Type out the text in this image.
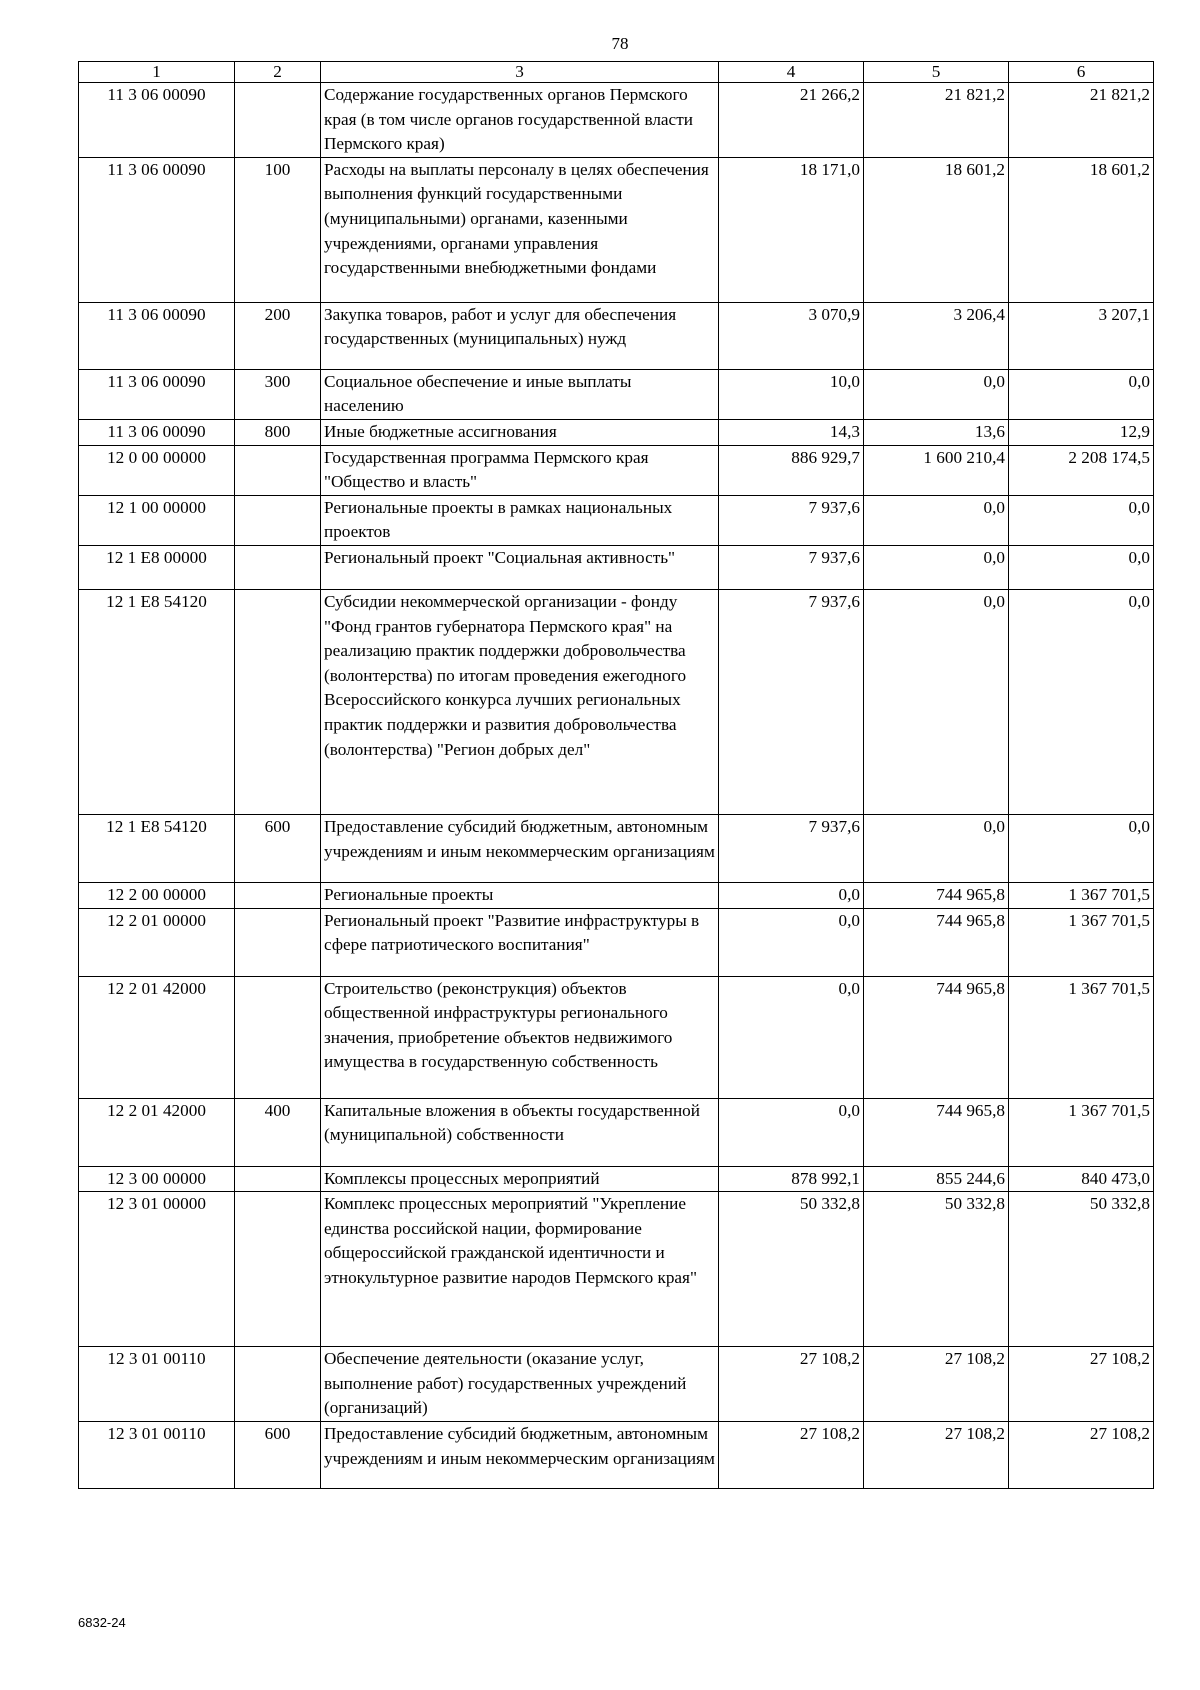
78
1	2	3	4	5	6
11 3 06 00090		Содержание государственных органов Пермского края (в том числе органов государственной власти Пермского края)	21 266,2	21 821,2	21 821,2
11 3 06 00090	100	Расходы на выплаты персоналу в целях обеспечения выполнения функций государственными (муниципальными) органами, казенными учреждениями, органами управления государственными внебюджетными фондами	18 171,0	18 601,2	18 601,2
11 3 06 00090	200	Закупка товаров, работ и услуг для обеспечения государственных (муниципальных) нужд	3 070,9	3 206,4	3 207,1
11 3 06 00090	300	Социальное обеспечение и иные выплаты населению	10,0	0,0	0,0
11 3 06 00090	800	Иные бюджетные ассигнования	14,3	13,6	12,9
12 0 00 00000		Государственная программа Пермского края "Общество и власть"	886 929,7	1 600 210,4	2 208 174,5
12 1 00 00000		Региональные проекты в рамках национальных проектов	7 937,6	0,0	0,0
12 1 E8 00000		Региональный проект "Социальная активность"	7 937,6	0,0	0,0
12 1 E8 54120		Субсидии некоммерческой организации - фонду "Фонд грантов губернатора Пермского края" на реализацию практик поддержки добровольчества (волонтерства) по итогам проведения ежегодного Всероссийского конкурса лучших региональных практик поддержки и развития добровольчества (волонтерства) "Регион добрых дел"	7 937,6	0,0	0,0
12 1 E8 54120	600	Предоставление субсидий бюджетным, автономным учреждениям и иным некоммерческим организациям	7 937,6	0,0	0,0
12 2 00 00000		Региональные проекты	0,0	744 965,8	1 367 701,5
12 2 01 00000		Региональный проект "Развитие инфраструктуры в сфере патриотического воспитания"	0,0	744 965,8	1 367 701,5
12 2 01 42000		Строительство (реконструкция) объектов общественной инфраструктуры регионального значения, приобретение объектов недвижимого имущества в государственную собственность	0,0	744 965,8	1 367 701,5
12 2 01 42000	400	Капитальные вложения в объекты государственной (муниципальной) собственности	0,0	744 965,8	1 367 701,5
12 3 00 00000		Комплексы процессных мероприятий	878 992,1	855 244,6	840 473,0
12 3 01 00000		Комплекс процессных мероприятий "Укрепление единства российской нации, формирование общероссийской гражданской идентичности и этнокультурное развитие народов Пермского края"	50 332,8	50 332,8	50 332,8
12 3 01 00110		Обеспечение деятельности (оказание услуг, выполнение работ) государственных учреждений (организаций)	27 108,2	27 108,2	27 108,2
12 3 01 00110	600	Предоставление субсидий бюджетным, автономным учреждениям и иным некоммерческим организациям	27 108,2	27 108,2	27 108,2
6832-24
